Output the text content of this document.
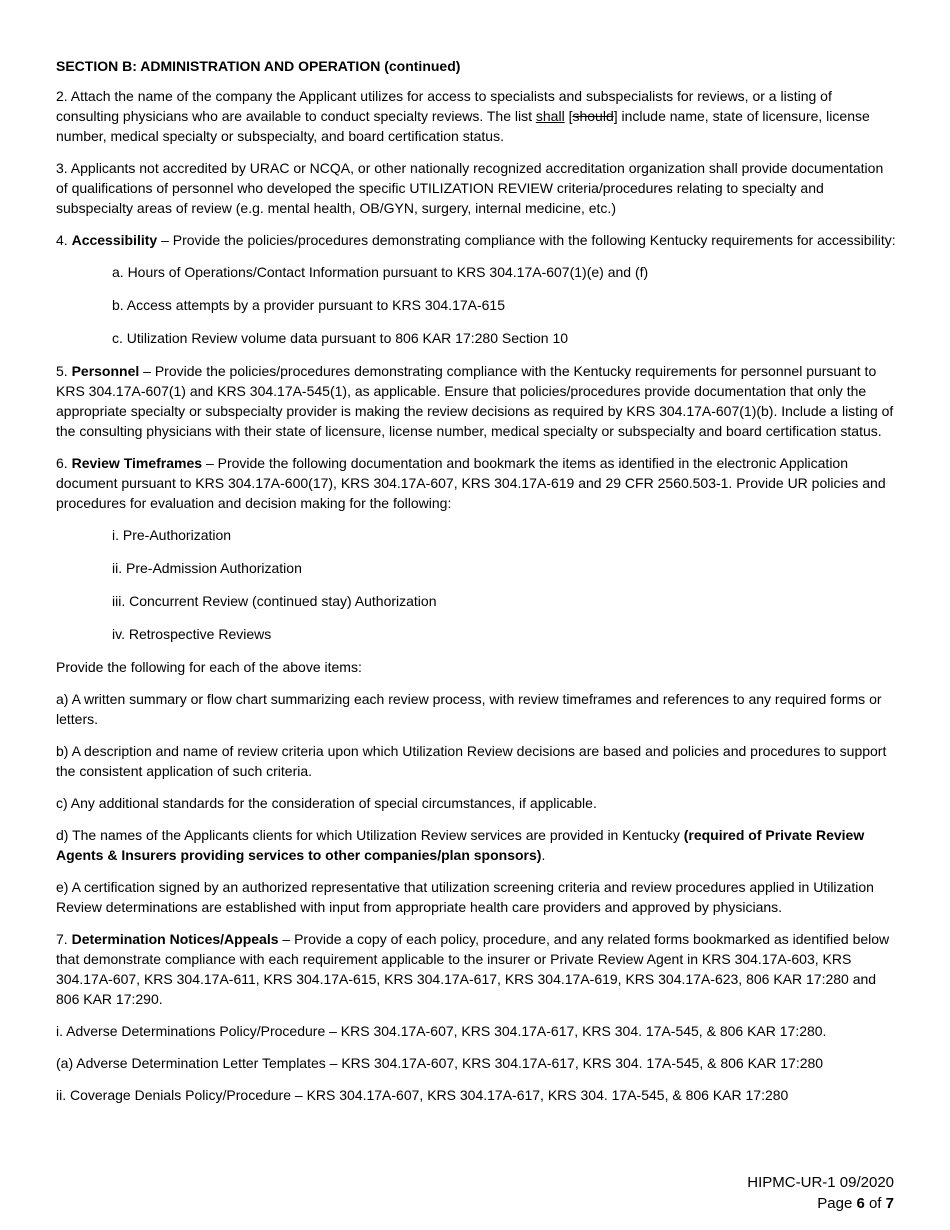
SECTION B: ADMINISTRATION AND OPERATION (continued)

2. Attach the name of the company the Applicant utilizes for access to specialists and subspecialists for reviews, or a listing of consulting physicians who are available to conduct specialty reviews. The list shall [should] include name, state of licensure, license number, medical specialty or subspecialty, and board certification status.

3. Applicants not accredited by URAC or NCQA, or other nationally recognized accreditation organization shall provide documentation of qualifications of personnel who developed the specific UTILIZATION REVIEW criteria/procedures relating to specialty and subspecialty areas of review (e.g. mental health, OB/GYN, surgery, internal medicine, etc.)

4. Accessibility – Provide the policies/procedures demonstrating compliance with the following Kentucky requirements for accessibility:

a. Hours of Operations/Contact Information pursuant to KRS 304.17A-607(1)(e) and (f)

b. Access attempts by a provider pursuant to KRS 304.17A-615

c. Utilization Review volume data pursuant to 806 KAR 17:280 Section 10

5. Personnel – Provide the policies/procedures demonstrating compliance with the Kentucky requirements for personnel pursuant to KRS 304.17A-607(1) and KRS 304.17A-545(1), as applicable. Ensure that policies/procedures provide documentation that only the appropriate specialty or subspecialty provider is making the review decisions as required by KRS 304.17A-607(1)(b). Include a listing of the consulting physicians with their state of licensure, license number, medical specialty or subspecialty and board certification status.

6. Review Timeframes – Provide the following documentation and bookmark the items as identified in the electronic Application document pursuant to KRS 304.17A-600(17), KRS 304.17A-607, KRS 304.17A-619 and 29 CFR 2560.503-1. Provide UR policies and procedures for evaluation and decision making for the following:

i. Pre-Authorization

ii. Pre-Admission Authorization

iii. Concurrent Review (continued stay) Authorization

iv. Retrospective Reviews

Provide the following for each of the above items:

a) A written summary or flow chart summarizing each review process, with review timeframes and references to any required forms or letters.

b) A description and name of review criteria upon which Utilization Review decisions are based and policies and procedures to support the consistent application of such criteria.

c) Any additional standards for the consideration of special circumstances, if applicable.

d) The names of the Applicants clients for which Utilization Review services are provided in Kentucky (required of Private Review Agents & Insurers providing services to other companies/plan sponsors).

e) A certification signed by an authorized representative that utilization screening criteria and review procedures applied in Utilization Review determinations are established with input from appropriate health care providers and approved by physicians.

7. Determination Notices/Appeals – Provide a copy of each policy, procedure, and any related forms bookmarked as identified below that demonstrate compliance with each requirement applicable to the insurer or Private Review Agent in KRS 304.17A-603, KRS 304.17A-607, KRS 304.17A-611, KRS 304.17A-615, KRS 304.17A-617, KRS 304.17A-619, KRS 304.17A-623, 806 KAR 17:280 and 806 KAR 17:290.

i. Adverse Determinations Policy/Procedure – KRS 304.17A-607, KRS 304.17A-617, KRS 304. 17A-545, & 806 KAR 17:280.

(a) Adverse Determination Letter Templates – KRS 304.17A-607, KRS 304.17A-617, KRS 304. 17A-545, & 806 KAR 17:280

ii. Coverage Denials Policy/Procedure – KRS 304.17A-607, KRS 304.17A-617, KRS 304. 17A-545, & 806 KAR 17:280

HIPMC-UR-1 09/2020
Page 6 of 7
